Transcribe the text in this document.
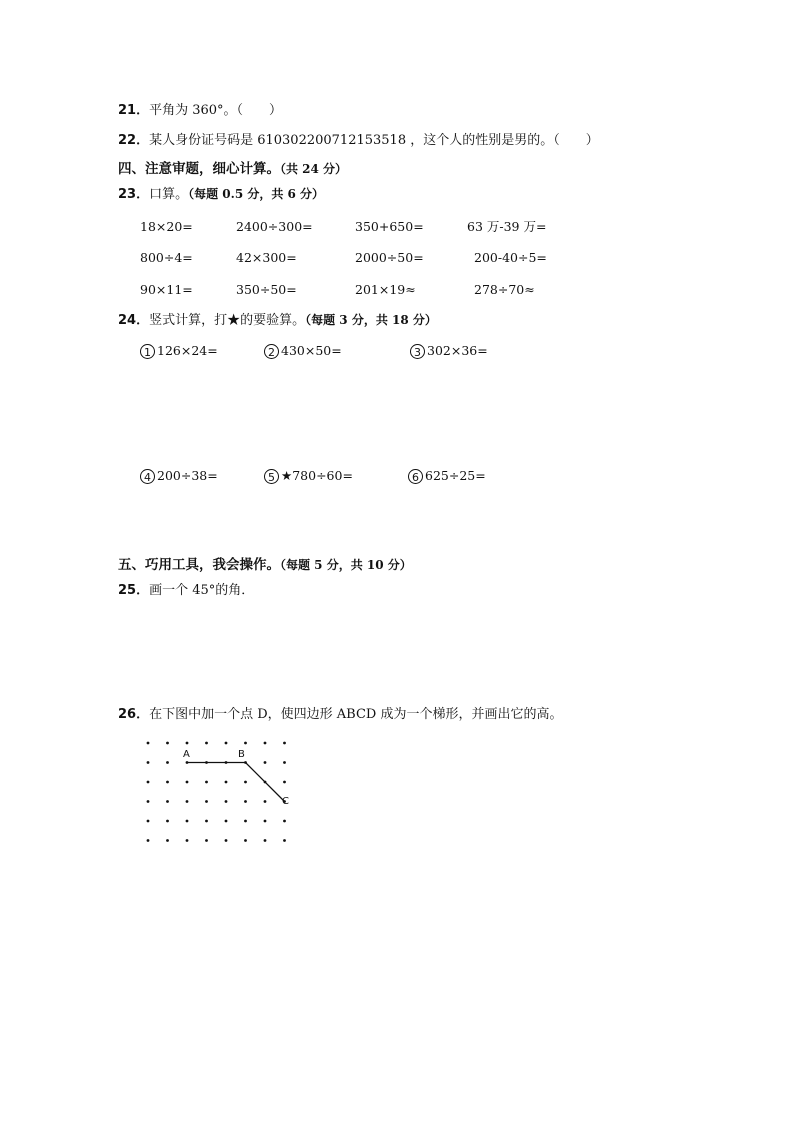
21．平角为 360°。（　　）
22．某人身份证号码是 610302200712153518 ，这个人的性别是男的。（　　）
四、注意审题，细心计算。（共 24 分）
23．口算。（每题 0.5 分，共 6 分）
18×20=	2400÷300=	350+650=	63 万-39 万=
800÷4=	42×300=	2000÷50=	200-40÷5=
90×11=	350÷50=	201×19≈	278÷70≈
24．竖式计算，打★的要验算。（每题 3 分，共 18 分）
1 126×24=	2 430×50=	3 302×36=
4 200÷38=	5 ★780÷60=	6 625÷25=
五、巧用工具，我会操作。（每题 5 分，共 10 分）
25．画一个 45°的角．
26．在下图中加一个点 D，使四边形 ABCD 成为一个梯形，并画出它的高。
A	B
C
